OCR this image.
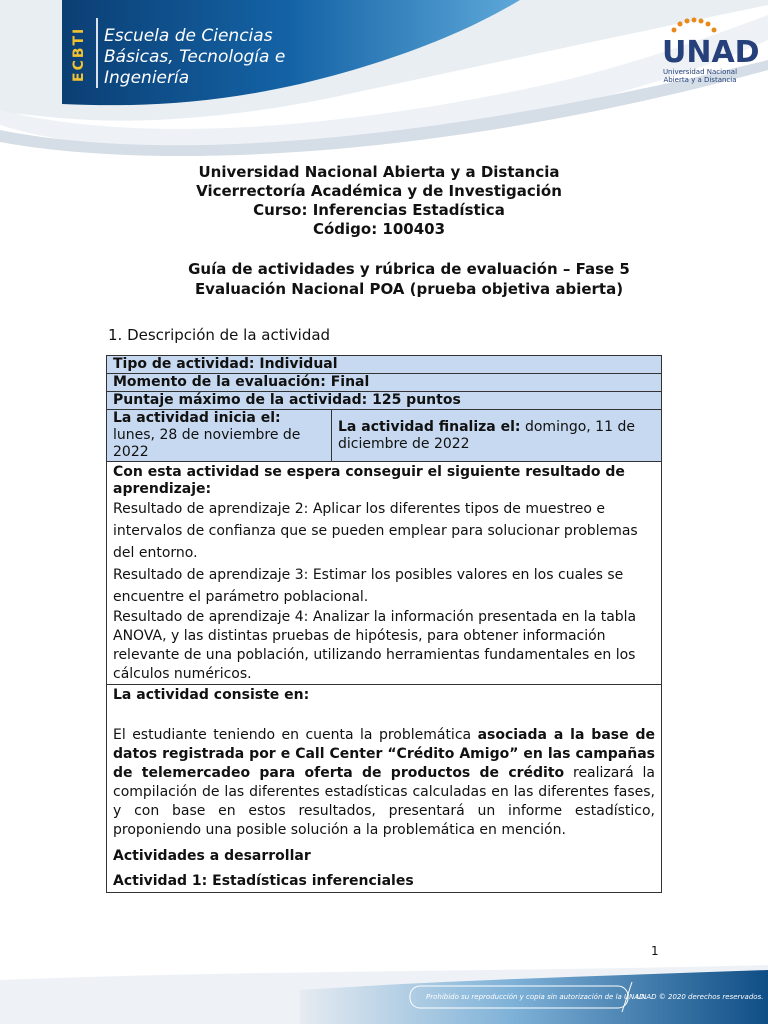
ECBTI	Escuela de Ciencias
Básicas, Tecnología e
Ingeniería
UNAD
Universidad Nacional
Abierta y a Distancia
Universidad Nacional Abierta y a Distancia
Vicerrectoría Académica y de Investigación
Curso: Inferencias Estadística
Código: 100403
Guía de actividades y rúbrica de evaluación – Fase 5
Evaluación Nacional POA (prueba objetiva abierta)
1. Descripción de la actividad
Tipo de actividad: Individual
Momento de la evaluación: Final
Puntaje máximo de la actividad: 125 puntos

La actividad inicia el:
lunes, 28 de noviembre de 2022
	La actividad finaliza el: domingo, 11 de diciembre de 2022

Con esta actividad se espera conseguir el siguiente resultado de aprendizaje:

Resultado de aprendizaje 2: Aplicar los diferentes tipos de muestreo e intervalos de confianza que se pueden emplear para solucionar problemas del entorno.

Resultado de aprendizaje 3: Estimar los posibles valores en los cuales se encuentre el parámetro poblacional.

Resultado de aprendizaje 4: Analizar la información presentada en la tabla ANOVA, y las distintas pruebas de hipótesis, para obtener información relevante de una población, utilizando herramientas fundamentales en los cálculos numéricos.

La actividad consiste en:
El estudiante teniendo en cuenta la problemática asociada a la base de datos registrada por e Call Center “Crédito Amigo” en las campañas de telemercadeo para oferta de productos de crédito realizará la compilación de las diferentes estadísticas calculadas en las diferentes fases, y con base en estos resultados, presentará un informe estadístico, proponiendo una posible solución a la problemática en mención.
Actividades a desarrollar
Actividad 1: Estadísticas inferenciales
1
Prohibido su reproducción y copia sin autorización de la UNAD.
UNAD © 2020 derechos reservados.
